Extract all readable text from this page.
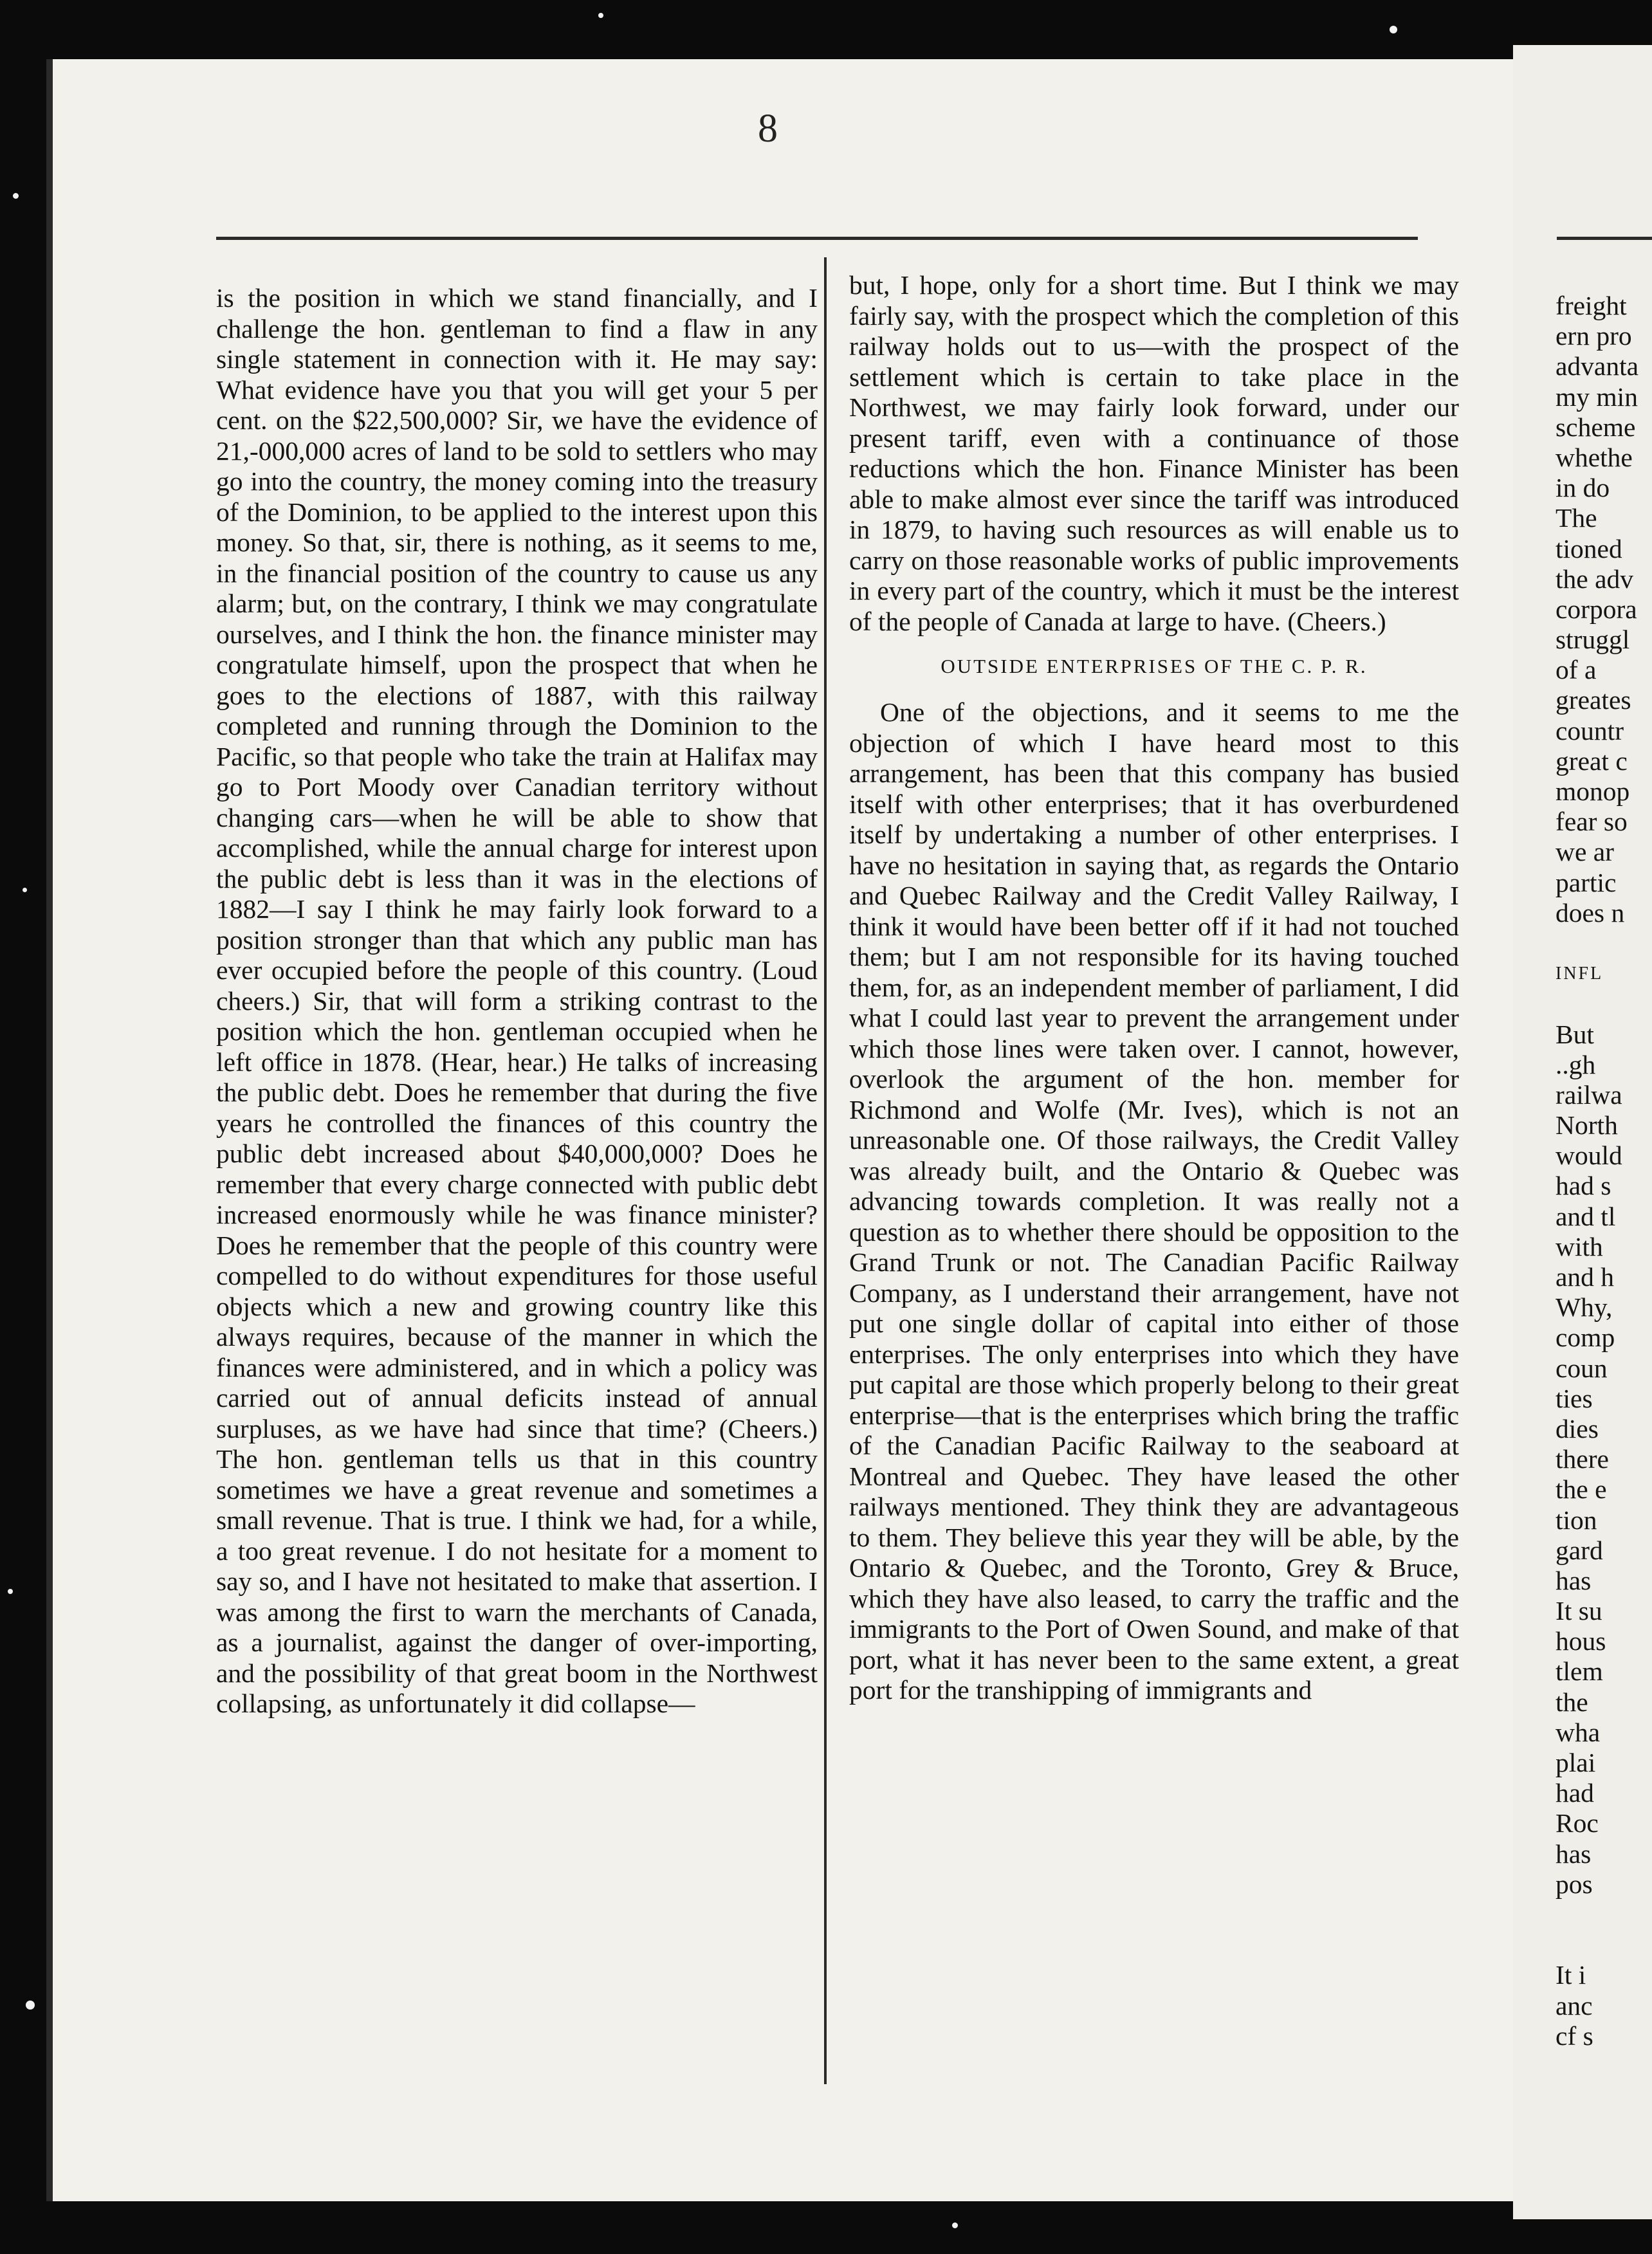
8

is the position in which we stand financially, and I challenge the hon. gentleman to find a flaw in any single statement in connection with it. He may say: What evidence have you that you will get your 5 per cent. on the $22,500,000? Sir, we have the evidence of 21,-000,000 acres of land to be sold to settlers who may go into the country, the money coming into the treasury of the Dominion, to be applied to the interest upon this money. So that, sir, there is nothing, as it seems to me, in the financial position of the country to cause us any alarm; but, on the contrary, I think we may congratulate ourselves, and I think the hon. the finance minister may congratulate himself, upon the prospect that when he goes to the elections of 1887, with this railway completed and running through the Dominion to the Pacific, so that people who take the train at Halifax may go to Port Moody over Canadian territory without changing cars—when he will be able to show that accomplished, while the annual charge for interest upon the public debt is less than it was in the elections of 1882—I say I think he may fairly look forward to a position stronger than that which any public man has ever occupied before the people of this country. (Loud cheers.) Sir, that will form a striking contrast to the position which the hon. gentleman occupied when he left office in 1878. (Hear, hear.) He talks of increasing the public debt. Does he remember that during the five years he controlled the finances of this country the public debt increased about $40,000,000? Does he remember that every charge connected with public debt increased enormously while he was finance minister? Does he remember that the people of this country were compelled to do without expenditures for those useful objects which a new and growing country like this always requires, because of the manner in which the finances were administered, and in which a policy was carried out of annual deficits instead of annual surpluses, as we have had since that time? (Cheers.) The hon. gentleman tells us that in this country sometimes we have a great revenue and sometimes a small revenue. That is true. I think we had, for a while, a too great revenue. I do not hesitate for a moment to say so, and I have not hesitated to make that assertion. I was among the first to warn the merchants of Canada, as a journalist, against the danger of over-importing, and the possibility of that great boom in the Northwest collapsing, as unfortunately it did collapse—

but, I hope, only for a short time. But I think we may fairly say, with the prospect which the completion of this railway holds out to us—with the prospect of the settlement which is certain to take place in the Northwest, we may fairly look forward, under our present tariff, even with a continuance of those reductions which the hon. Finance Minister has been able to make almost ever since the tariff was introduced in 1879, to having such resources as will enable us to carry on those reasonable works of public improvements in every part of the country, which it must be the interest of the people of Canada at large to have. (Cheers.)

OUTSIDE ENTERPRISES OF THE C. P. R.

One of the objections, and it seems to me the objection of which I have heard most to this arrangement, has been that this company has busied itself with other enterprises; that it has overburdened itself by undertaking a number of other enterprises. I have no hesitation in saying that, as regards the Ontario and Quebec Railway and the Credit Valley Railway, I think it would have been better off if it had not touched them; but I am not responsible for its having touched them, for, as an independent member of parliament, I did what I could last year to prevent the arrangement under which those lines were taken over. I cannot, however, overlook the argument of the hon. member for Richmond and Wolfe (Mr. Ives), which is not an unreasonable one. Of those railways, the Credit Valley was already built, and the Ontario & Quebec was advancing towards completion. It was really not a question as to whether there should be opposition to the Grand Trunk or not. The Canadian Pacific Railway Company, as I understand their arrangement, have not put one single dollar of capital into either of those enterprises. The only enterprises into which they have put capital are those which properly belong to their great enterprise—that is the enterprises which bring the traffic of the Canadian Pacific Railway to the seaboard at Montreal and Quebec. They have leased the other railways mentioned. They think they are advantageous to them. They believe this year they will be able, by the Ontario & Quebec, and the Toronto, Grey & Bruce, which they have also leased, to carry the traffic and the immigrants to the Port of Owen Sound, and make of that port, what it has never been to the same extent, a great port for the transhipping of immigrants and

freight
ern pro
advanta
my min
scheme
whethe
in do
The
tioned
the adv
corpora
struggl
of a
greates
countr
great c
monop
fear so
we ar
partic
does n

INFL

But
..gh
railwa
North
would
had s
and tl
with
and h
Why,
comp
coun
ties
dies
there
the e
tion
gard
has
It su
hous
tlem
the
wha
plai
had
Roc
has
pos

It i
anc
cf s
